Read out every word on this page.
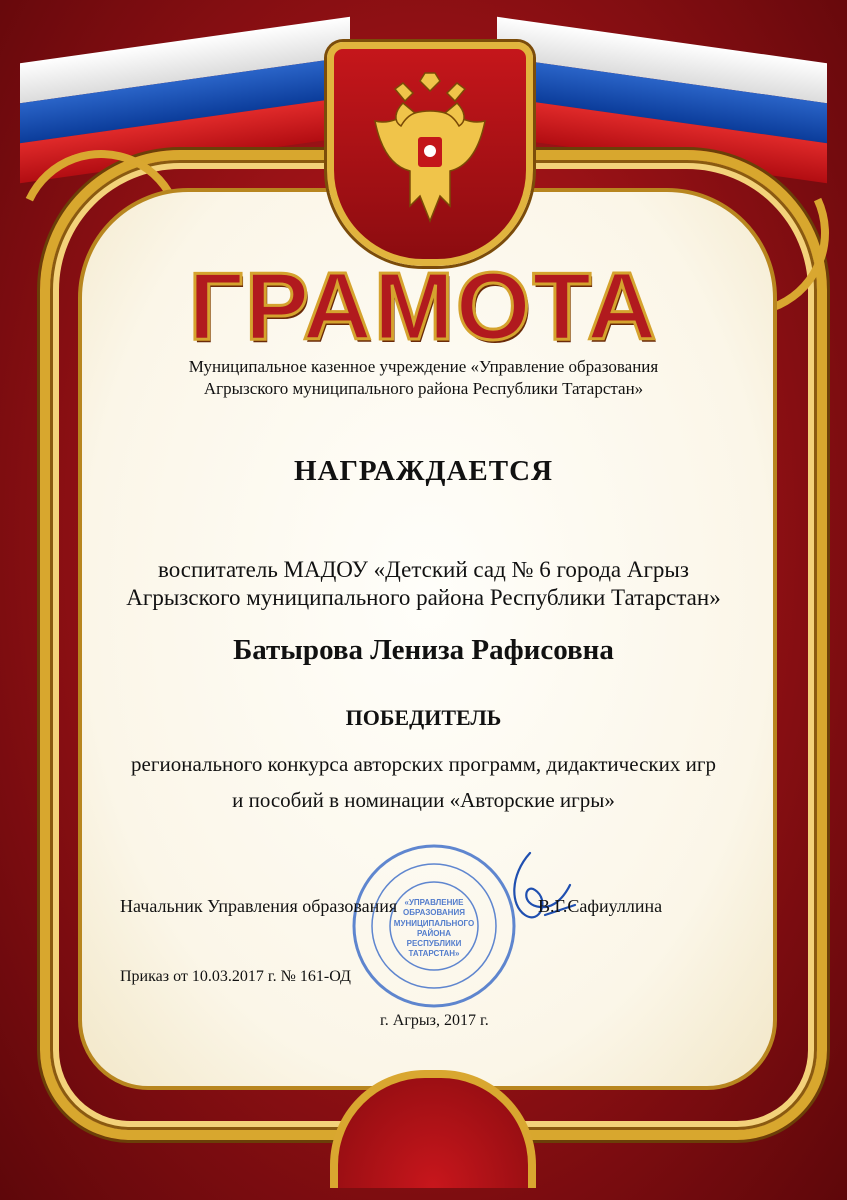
ГРАМОТА
Муниципальное казенное учреждение «Управление образования
Агрызского муниципального района Республики Татарстан»
НАГРАЖДАЕТСЯ
воспитатель МАДОУ «Детский сад № 6 города Агрыз
Агрызского муниципального района Республики Татарстан»
Батырова Лениза Рафисовна
ПОБЕДИТЕЛЬ
регионального конкурса авторских программ, дидактических игр
и пособий в номинации «Авторские игры»
«УПРАВЛЕНИЕ
ОБРАЗОВАНИЯ
МУНИЦИПАЛЬНОГО
РАЙОНА
РЕСПУБЛИКИ
ТАТАРСТАН»
Начальник Управления образования	В.Г.Сафиуллина
Приказ от 10.03.2017 г. № 161-ОД
г. Агрыз, 2017 г.
